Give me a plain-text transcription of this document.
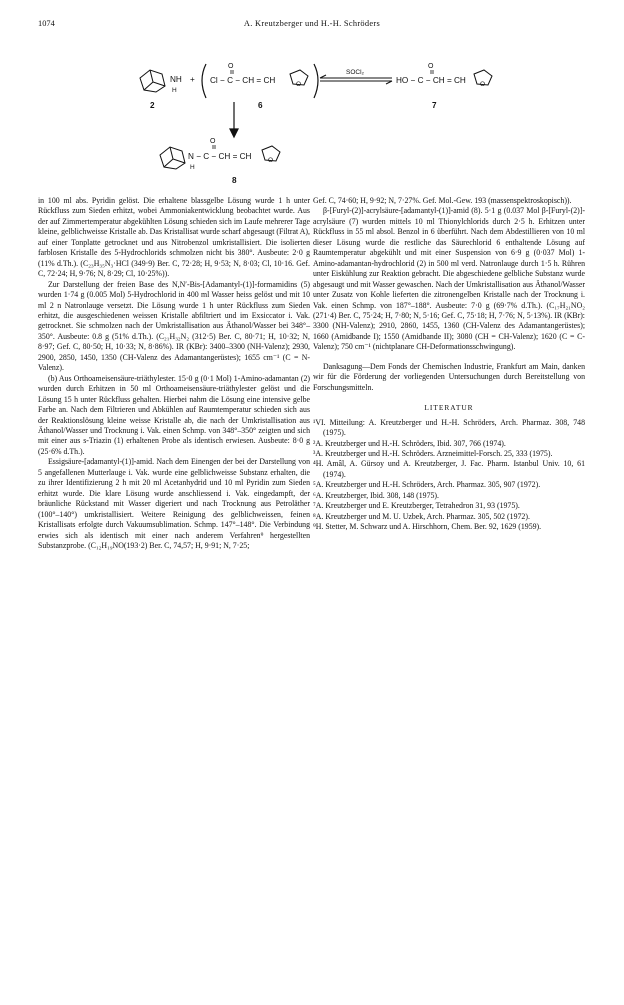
1074	A. Kreutzberger und H.-H. Schröders
NH
H
2
+
O
Cl − C − CH = CH	O
6
SOCl₂
O
HO − C − CH = CH O
7
O
N − C − CH = CH
H
O
8

in 100 ml abs. Pyridin gelöst. Die erhaltene blassgelbe Lösung wurde 1 h unter Rückfluss zum Sieden erhitzt, wobei Ammoniakentwicklung beobachtet wurde. Aus der auf Zimmertemperatur abgekühlten Lösung schieden sich im Laufe mehrerer Tage kleine, gelblichweisse Kristalle ab. Das Kristallisat wurde scharf abgesaugt (Filtrat A), auf einer Tonplatte getrocknet und aus Nitrobenzol umkristallisiert. Die isolierten farblosen Kristalle des 5-Hydrochlorids schmolzen nicht bis 380°. Ausbeute: 2·0 g (11% d.Th.). (C₂₃H₃₅N₃·HCl (349·9) Ber. C, 72·28; H, 9·53; N, 8·03; Cl, 10·16. Gef. C, 72·24; H, 9·76; N, 8·29; Cl, 10·25%)).

Zur Darstellung der freien Base des N,N′-Bis-[Adamantyl-(1)]-formamidins (5) wurden 1·74 g (0.005 Mol) 5-Hydrochlorid in 400 ml Wasser heiss gelöst und mit 10 ml 2 n Natronlauge versetzt. Die Lösung wurde 1 h unter Rückfluss zum Sieden erhitzt, die ausgeschiedenen weissen Kristalle abfiltriert und im Exsiccator i. Vak. getrocknet. Sie schmolzen nach der Umkristallisation aus Äthanol/Wasser bei 348°–350°. Ausbeute: 0.8 g (51% d.Th.). (C₂₁H₃₂N₂ (312·5) Ber. C, 80·71; H, 10·32; N, 8·97; Gef. C, 80·50; H, 10·33; N, 8·86%). IR (KBr): 3400–3300 (NH-Valenz); 2930, 2900, 2850, 1450, 1350 (CH-Valenz des Adamantangerüstes); 1655 cm⁻¹ (C = N-Valenz).

(b) Aus Orthoameisensäure-triäthylester. 15·0 g (0·1 Mol) 1-Amino-adamantan (2) wurden durch Erhitzen in 50 ml Orthoameisensäure-triäthylester gelöst und die Lösung 15 h unter Rückfluss gehalten. Hierbei nahm die Lösung eine intensive gelbe Farbe an. Nach dem Filtrieren und Abkühlen auf Raumtemperatur schieden sich aus der Reaktionslösung kleine weisse Kristalle ab, die nach der Umkristallisation aus Äthanol/Wasser und Trocknung i. Vak. einen Schmp. von 348°–350° zeigten und sich mit einer aus s-Triazin (1) erhaltenen Probe als identisch erwiesen. Ausbeute: 8·0 g (25·6% d.Th.).

Essigsäure-[adamantyl-(1)]-amid. Nach dem Einengen der bei der Darstellung von 5 angefallenen Mutterlauge i. Vak. wurde eine gelblichweisse Substanz erhalten, die zu ihrer Identifizierung 2 h mit 20 ml Acetanhydrid und 10 ml Pyridin zum Sieden erhitzt wurde. Die klare Lösung wurde anschliessend i. Vak. eingedampft, der bräunliche Rückstand mit Wasser digeriert und nach Trocknung aus Petroläther (100°–140°) umkristallisiert. Weitere Reinigung des gelblichweissen, feinen Kristallisats erfolgte durch Vakuumsublimation. Schmp. 147°–148°. Die Verbindung erwies sich als identisch mit einer nach anderem Verfahren⁹ hergestellten Substanzprobe. (C₁₂H₁₉NO(193·2) Ber. C, 74,57; H, 9·91; N, 7·25;

Gef. C, 74·60; H, 9·92; N, 7·27%. Gef. Mol.-Gew. 193 (massenspektroskopisch)).

β-[Furyl-(2)]-acrylsäure-[adamantyl-(1)]-amid (8). 5·1 g (0.037 Mol β-[Furyl-(2)]-acrylsäure (7) wurden mittels 10 ml Thionylchlorids durch 2·5 h. Erhitzen unter Rückfluss in 55 ml absol. Benzol in 6 überführt. Nach dem Abdestillieren von 10 ml dieser Lösung wurde die restliche das Säurechlorid 6 enthaltende Lösung auf Raumtemperatur abgekühlt und mit einer Suspension von 6·9 g (0·037 Mol) 1-Amino-adamantan-hydrochlorid (2) in 500 ml verd. Natronlauge durch 1·5 h. Rühren unter Eiskühlung zur Reaktion gebracht. Die abgeschiedene gelbliche Substanz wurde abgesaugt und mit Wasser gewaschen. Nach der Umkristallisation aus Äthanol/Wasser unter Zusatz von Kohle lieferten die zitronengelben Kristalle nach der Trocknung i. Vak. einen Schmp. von 187°–188°. Ausbeute: 7·0 g (69·7% d.Th.). (C₁₇H₂₁NO₂ (271·4) Ber. C, 75·24; H, 7·80; N, 5·16; Gef. C, 75·18; H, 7·76; N, 5·13%). IR (KBr): 3300 (NH-Valenz); 2910, 2860, 1455, 1360 (CH-Valenz des Adamantangerüstes); 1660 (Amidbande I); 1550 (Amidbande II); 3080 (CH = CH-Valenz); 1620 (C = C-Valenz); 750 cm⁻¹ (nichtplanare CH-Deformationsschwingung).

Danksagung—Dem Fonds der Chemischen Industrie, Frankfurt am Main, danken wir für die Förderung der vorliegenden Untersuchungen durch Bereitstellung von Forschungsmitteln.

LITERATUR

¹VI. Mitteilung: A. Kreutzberger und H.-H. Schröders, Arch. Pharmaz. 308, 748 (1975).

²A. Kreutzberger und H.-H. Schröders, Ibid. 307, 766 (1974).

³A. Kreutzberger und H.-H. Schröders. Arzneimittel-Forsch. 25, 333 (1975).

⁴H. Amâl, A. Gürsoy und A. Kreutzberger, J. Fac. Pharm. Istanbul Univ. 10, 61 (1974).

⁵A. Kreutzberger und H.-H. Schröders, Arch. Pharmaz. 305, 907 (1972).

⁶A. Kreutzberger, Ibid. 308, 148 (1975).

⁷A. Kreutzberger und E. Kreutzberger, Tetrahedron 31, 93 (1975).

⁸A. Kreutzberger und M. U. Uzbek, Arch. Pharmaz. 305, 502 (1972).

⁹H. Stetter, M. Schwarz und A. Hirschhorn, Chem. Ber. 92, 1629 (1959).
